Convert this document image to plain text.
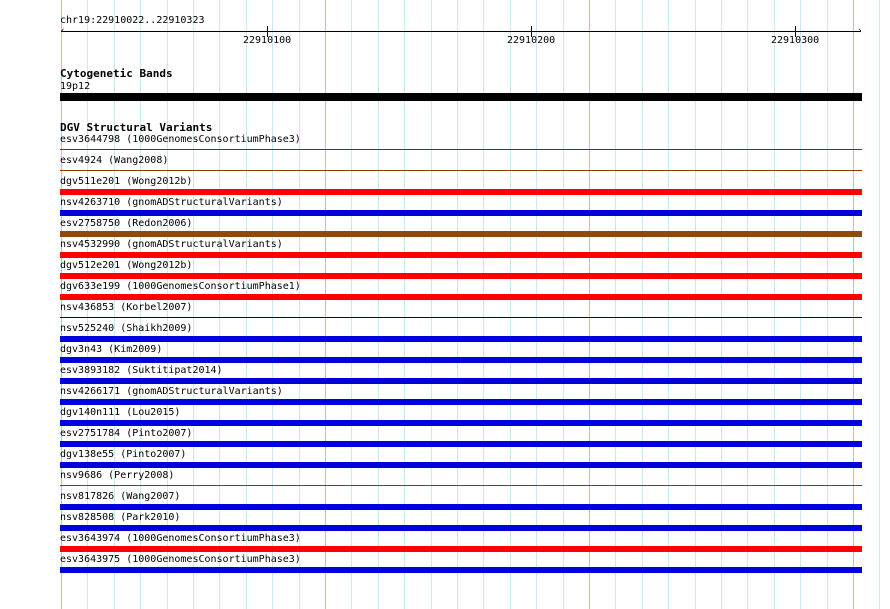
chr19:22910022..22910323
›
22910100	22910200	22910300
Cytogenetic Bands
19p12
DGV Structural Variants
esv3644798 (1000GenomesConsortiumPhase3)
esv4924 (Wang2008)
dgv511e201 (Wong2012b)
nsv4263710 (gnomADStructuralVariants)
esv2758750 (Redon2006)
nsv4532990 (gnomADStructuralVariants)
dgv512e201 (Wong2012b)
dgv633e199 (1000GenomesConsortiumPhase1)
nsv436853 (Korbel2007)
nsv525240 (Shaikh2009)
dgv3n43 (Kim2009)
esv3893182 (Suktitipat2014)
nsv4266171 (gnomADStructuralVariants)
dgv140n111 (Lou2015)
esv2751784 (Pinto2007)
dgv138e55 (Pinto2007)
nsv9686 (Perry2008)
nsv817826 (Wang2007)
nsv828508 (Park2010)
esv3643974 (1000GenomesConsortiumPhase3)
esv3643975 (1000GenomesConsortiumPhase3)
